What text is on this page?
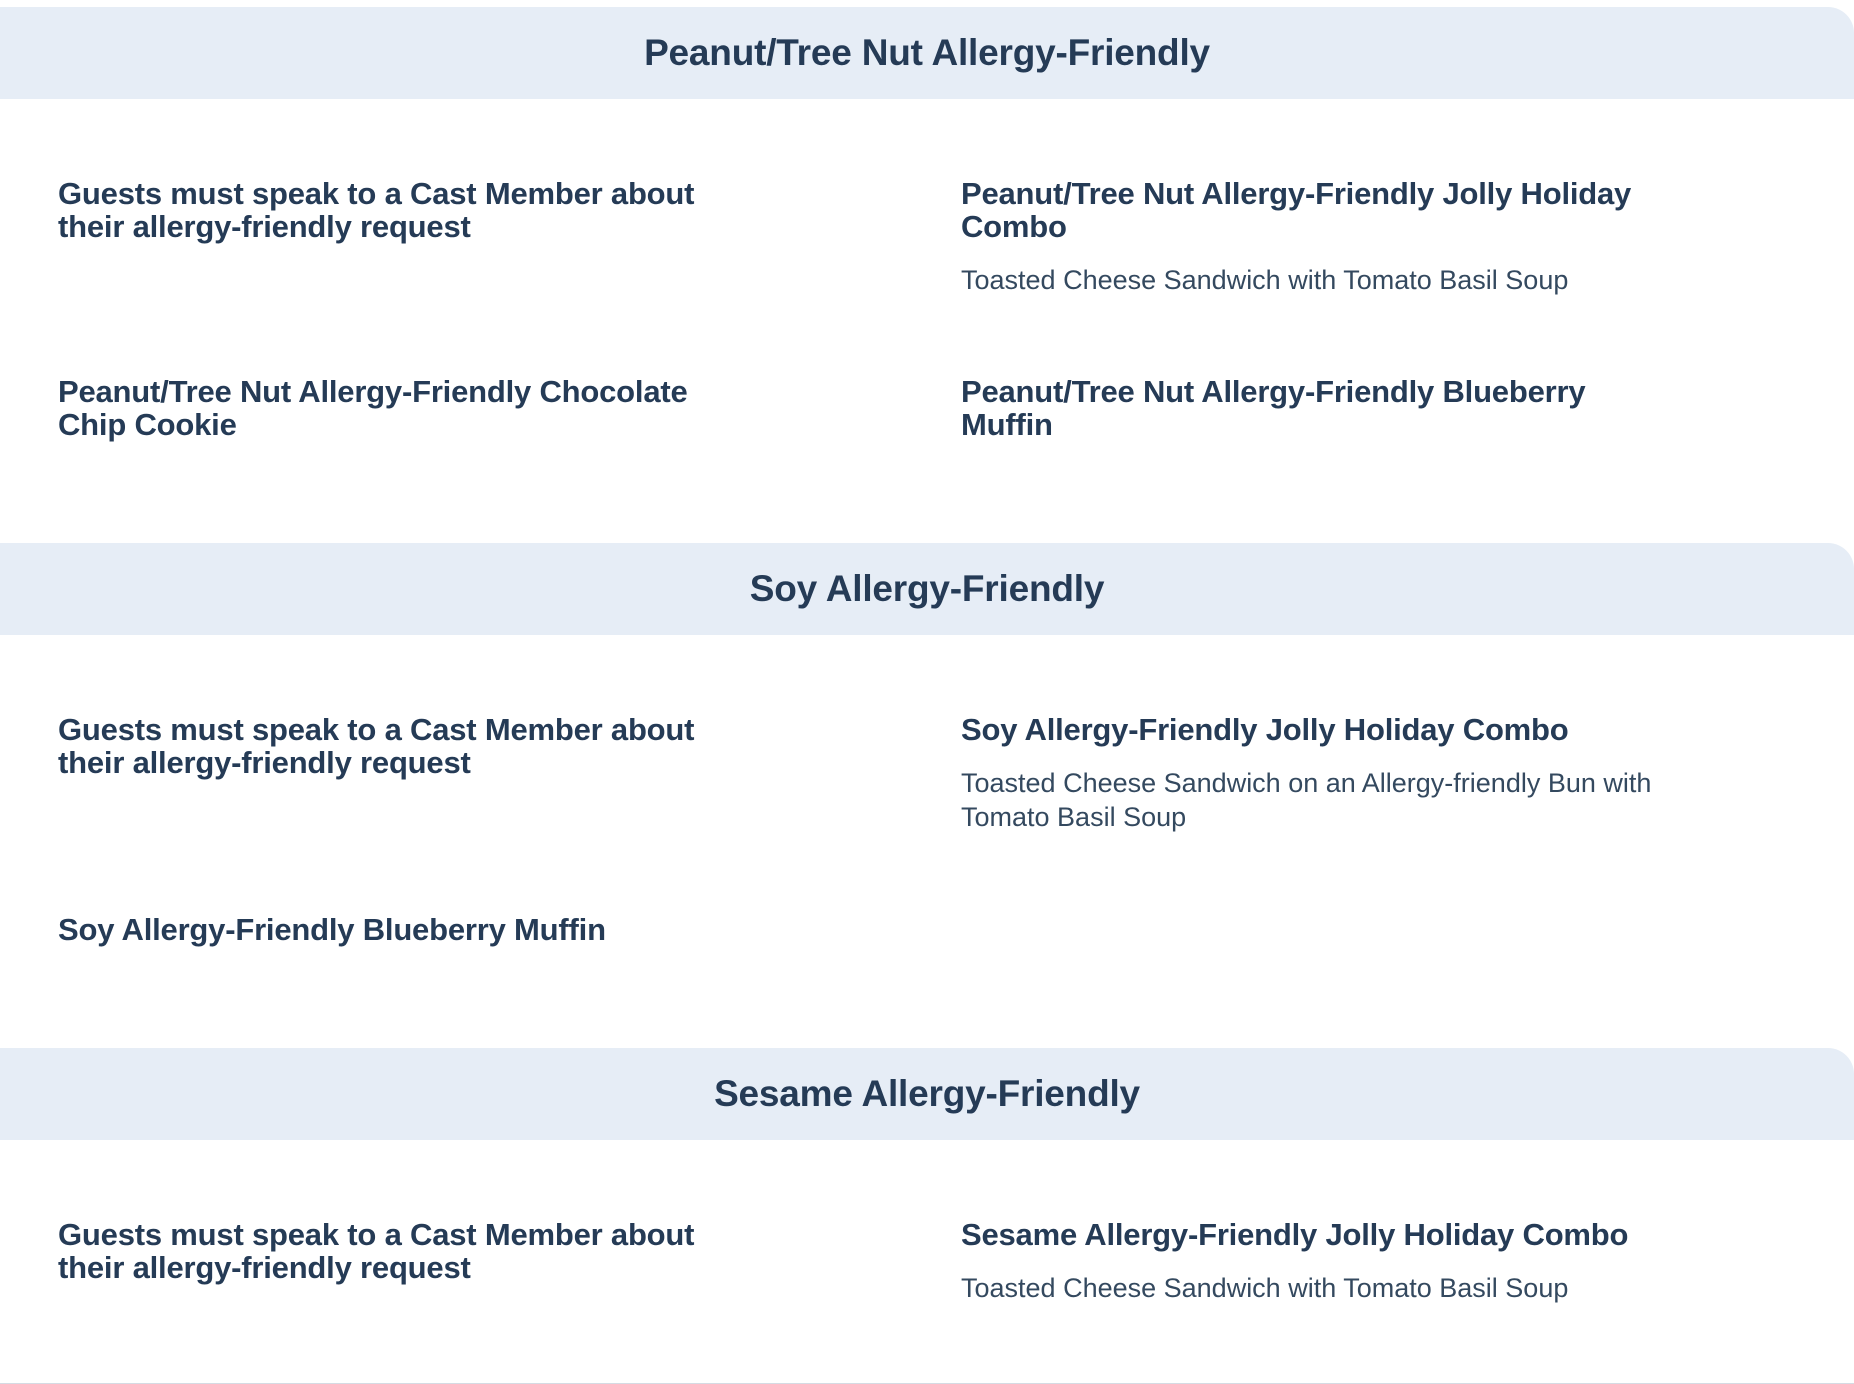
Peanut/Tree Nut Allergy-Friendly
Guests must speak to a Cast Member about their allergy-friendly request
Peanut/Tree Nut Allergy-Friendly Jolly Holiday Combo

Toasted Cheese Sandwich with Tomato Basil Soup

Peanut/Tree Nut Allergy-Friendly Chocolate Chip Cookie
Peanut/Tree Nut Allergy-Friendly Blueberry Muffin
Soy Allergy-Friendly
Guests must speak to a Cast Member about their allergy-friendly request
Soy Allergy-Friendly Jolly Holiday Combo

Toasted Cheese Sandwich on an Allergy-friendly Bun with Tomato Basil Soup

Soy Allergy-Friendly Blueberry Muffin
Sesame Allergy-Friendly
Guests must speak to a Cast Member about their allergy-friendly request
Sesame Allergy-Friendly Jolly Holiday Combo

Toasted Cheese Sandwich with Tomato Basil Soup
